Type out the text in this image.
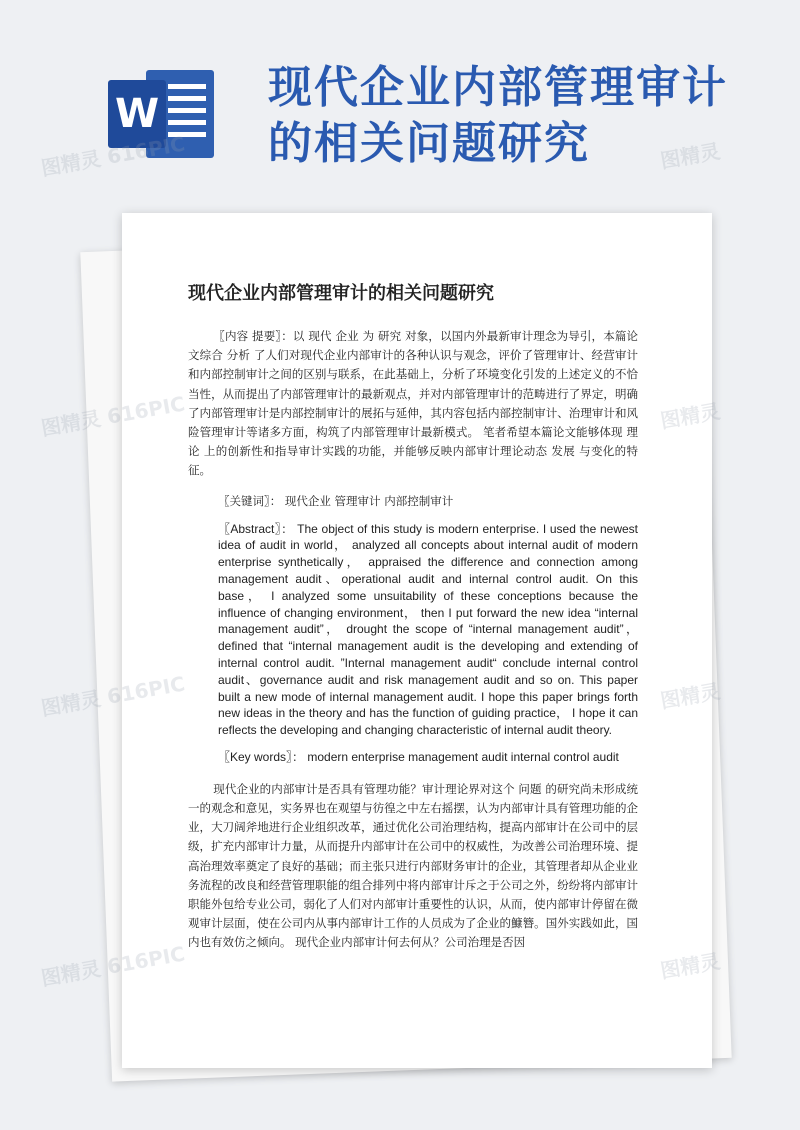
W
现代企业内部管理审计
的相关问题研究
现代企业内部管理审计的相关问题研究

〖内容 提要〗：以 现代 企业 为 研究 对象，以国内外最新审计理念为导引，本篇论文综合 分析 了人们对现代企业内部审计的各种认识与观念，评价了管理审计、经营审计和内部控制审计之间的区别与联系，在此基础上，分析了环境变化引发的上述定义的不恰当性，从而提出了内部管理审计的最新观点，并对内部管理审计的范畴进行了界定，明确了内部管理审计是内部控制审计的展拓与延伸，其内容包括内部控制审计、治理审计和风险管理审计等诸多方面，构筑了内部管理审计最新模式。 笔者希望本篇论文能够体现 理论 上的创新性和指导审计实践的功能，并能够反映内部审计理论动态 发展 与变化的特征。

〖关键词〗： 现代企业 管理审计 内部控制审计

〖Abstract〗： The object of this study is modern enterprise. I used the newest idea of audit in world， analyzed all concepts about internal audit of modern enterprise synthetically， appraised the difference and connection among management audit、operational audit and internal control audit. On this base， I analyzed some unsuitability of these conceptions because the influence of changing environment， then I put forward the new idea “internal management audit”， drought the scope of “internal management audit”， defined that “internal management audit is the developing and extending of internal control audit. ”Internal management audit“ conclude internal control audit、governance audit and risk management audit and so on. This paper built a new mode of internal management audit. I hope this paper brings forth new ideas in the theory and has the function of guiding practice， I hope it can reflects the developing and changing characteristic of internal audit theory.

〖Key words〗： modern enterprise management audit internal control audit

现代企业的内部审计是否具有管理功能？审计理论界对这个 问题 的研究尚未形成统一的观念和意见，实务界也在观望与彷徨之中左右摇摆，认为内部审计具有管理功能的企业，大刀阔斧地进行企业组织改革，通过优化公司治理结构，提高内部审计在公司中的层级，扩充内部审计力量，从而提升内部审计在公司中的权威性，为改善公司治理环境、提高治理效率奠定了良好的基础；而主张只进行内部财务审计的企业，其管理者却从企业业务流程的改良和经营管理职能的组合排列中将内部审计斥之于公司之外，纷纷将内部审计职能外包给专业公司，弱化了人们对内部审计重要性的认识，从而，使内部审计停留在微观审计层面，使在公司内从事内部审计工作的人员成为了企业的鱇簪。国外实践如此，国内也有效仿之倾向。 现代企业内部审计何去何从？公司治理是否因

图精灵 616PIC	图精灵
图精灵 616PIC	图精灵
图精灵 616PIC	图精灵
图精灵 616PIC	图精灵
